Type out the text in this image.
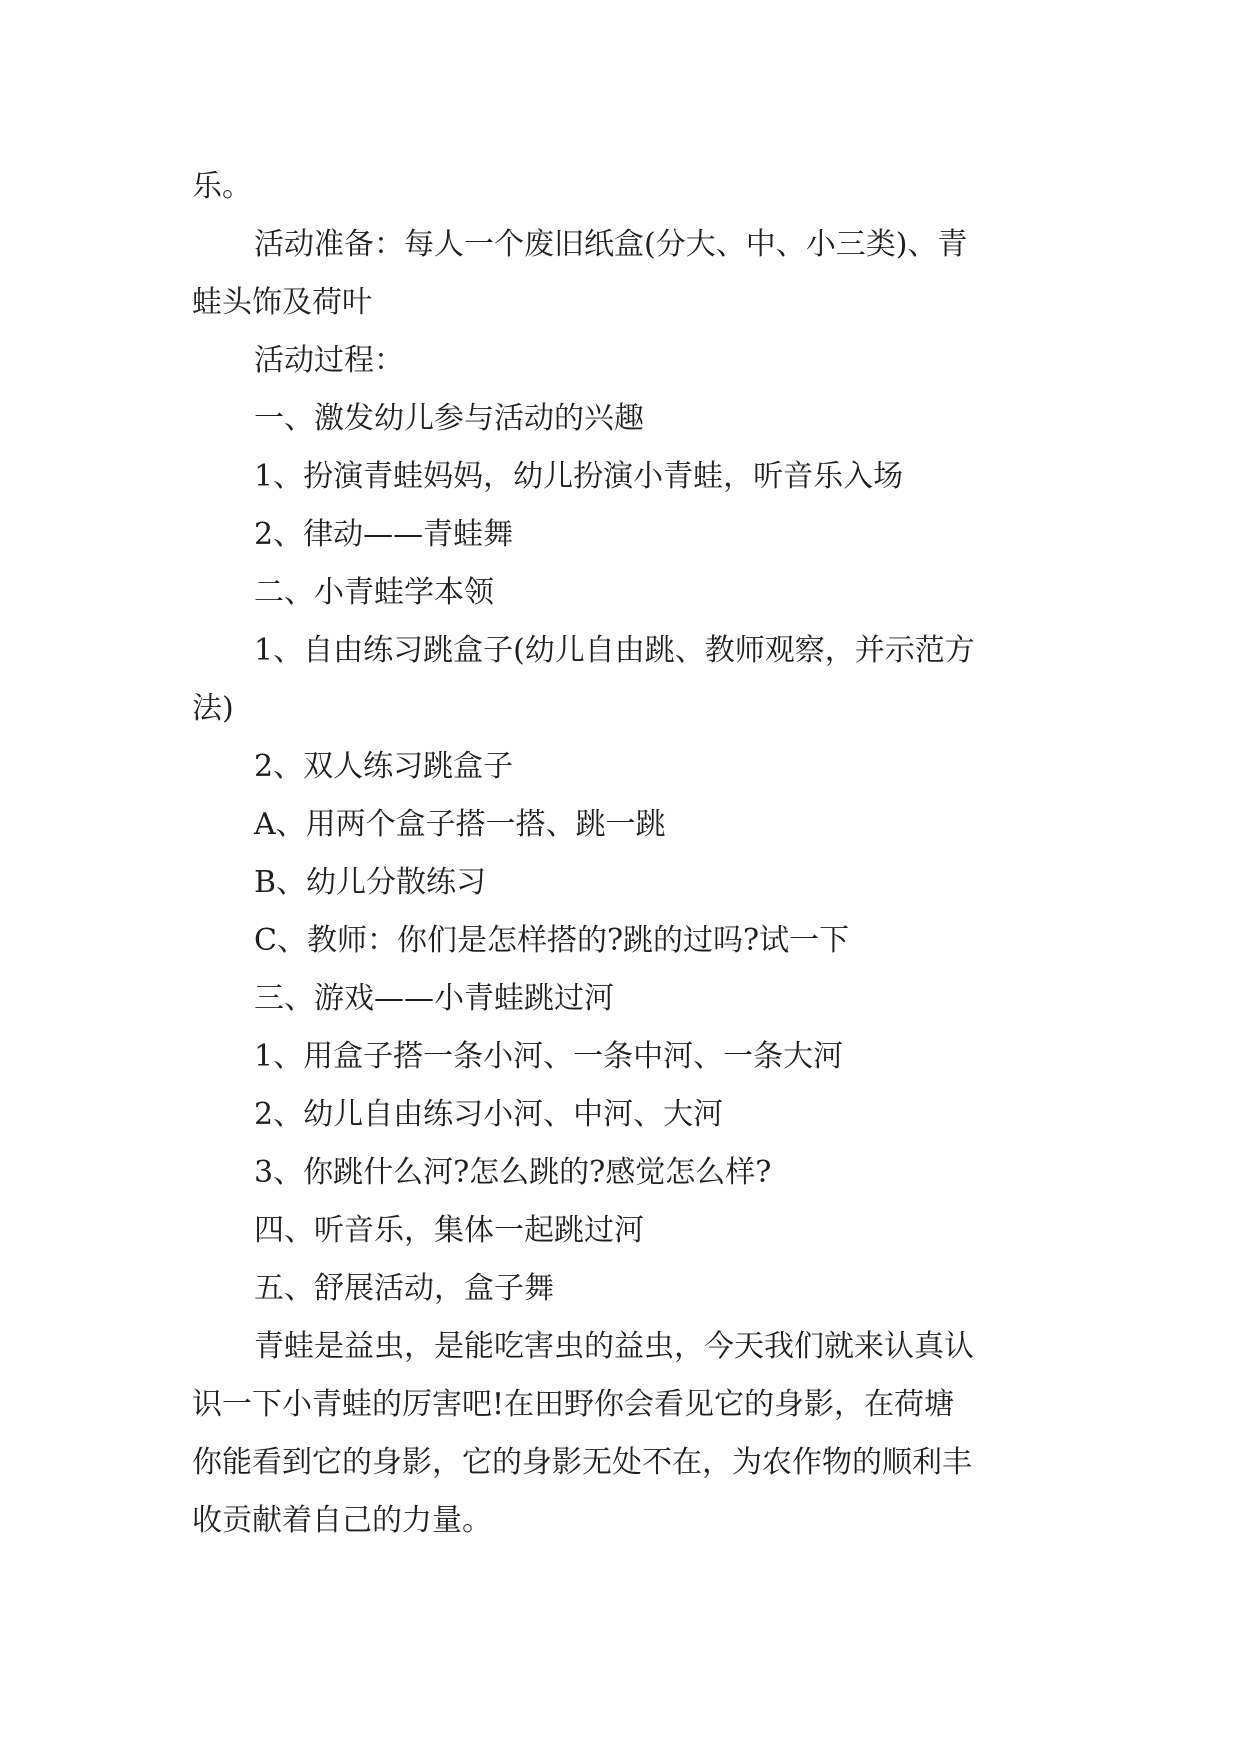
乐。
活动准备：每人一个废旧纸盒(分大、中、小三类)、青
蛙头饰及荷叶
活动过程：
一、激发幼儿参与活动的兴趣
1、扮演青蛙妈妈，幼儿扮演小青蛙，听音乐入场
2、律动——青蛙舞
二、小青蛙学本领
1、自由练习跳盒子(幼儿自由跳、教师观察，并示范方
法)
2、双人练习跳盒子
A、用两个盒子搭一搭、跳一跳
B、幼儿分散练习
C、教师：你们是怎样搭的?跳的过吗?试一下
三、游戏——小青蛙跳过河
1、用盒子搭一条小河、一条中河、一条大河
2、幼儿自由练习小河、中河、大河
3、你跳什么河?怎么跳的?感觉怎么样?
四、听音乐，集体一起跳过河
五、舒展活动，盒子舞
青蛙是益虫，是能吃害虫的益虫，今天我们就来认真认
识一下小青蛙的厉害吧!在田野你会看见它的身影，在荷塘
你能看到它的身影，它的身影无处不在，为农作物的顺利丰
收贡献着自己的力量。
